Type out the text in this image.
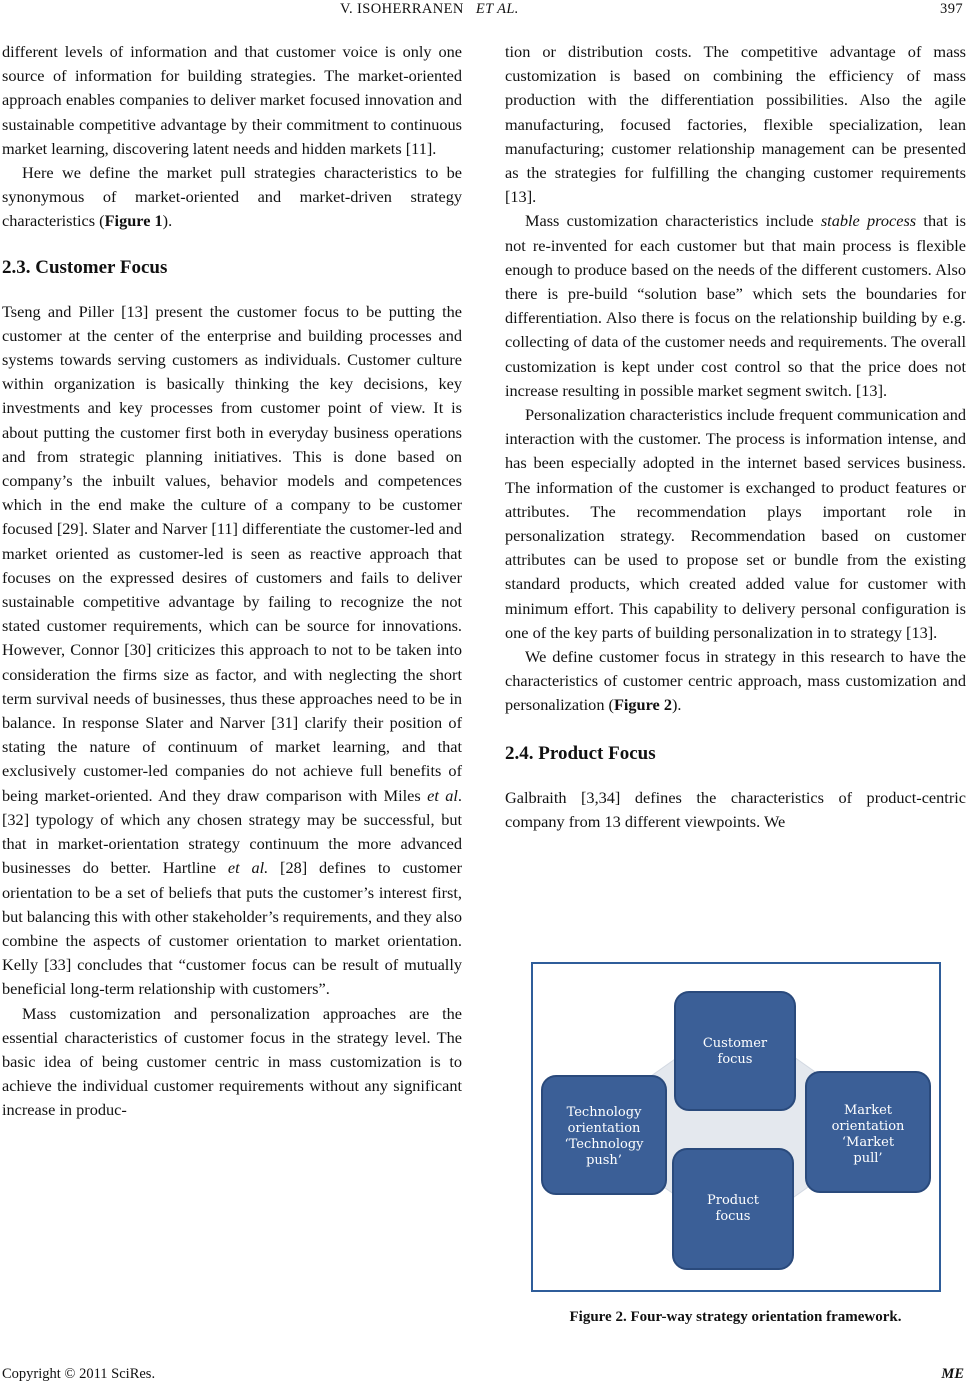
V. ISOHERRANEN ET AL.	397

different levels of information and that customer voice is only one source of information for building strategies. The market-oriented approach enables companies to deliver market focused innovation and sustainable competitive advantage by their commitment to continuous market learning, discovering latent needs and hidden markets [11].

Here we define the market pull strategies characteristics to be synonymous of market-oriented and market-driven strategy characteristics (Figure 1).

2.3. Customer Focus

Tseng and Piller [13] present the customer focus to be putting the customer at the center of the enterprise and building processes and systems towards serving customers as individuals. Customer culture within organization is basically thinking the key decisions, key investments and key processes from customer point of view. It is about putting the customer first both in everyday business operations and from strategic planning initiatives. This is done based on company’s the inbuilt values, behavior models and competences which in the end make the culture of a company to be customer focused [29]. Slater and Narver [11] differentiate the customer-led and market oriented as customer-led is seen as reactive approach that focuses on the expressed desires of customers and fails to deliver sustainable competitive advantage by failing to recognize the not stated customer requirements, which can be source for innovations. However, Connor [30] criticizes this approach to not to be taken into consideration the firms size as factor, and with neglecting the short term survival needs of businesses, thus these approaches need to be in balance. In response Slater and Narver [31] clarify their position of stating the nature of continuum of market learning, and that exclusively customer-led companies do not achieve full benefits of being market-oriented. And they draw comparison with Miles et al. [32] typology of which any chosen strategy may be successful, but that in market-orientation strategy continuum the more advanced businesses do better. Hartline et al. [28] defines to customer orientation to be a set of beliefs that puts the customer’s interest first, but balancing this with other stakeholder’s requirements, and they also combine the aspects of customer orientation to market orientation. Kelly [33] concludes that “customer focus can be result of mutually beneficial long-term relationship with customers”.

Mass customization and personalization approaches are the essential characteristics of customer focus in the strategy level. The basic idea of being customer centric in mass customization is to achieve the individual customer requirements without any significant increase in produc-

tion or distribution costs. The competitive advantage of mass customization is based on combining the efficiency of mass production with the differentiation possibilities. Also the agile manufacturing, focused factories, flexible specialization, lean manufacturing; customer relationship management can be presented as the strategies for fulfilling the changing customer requirements [13].

Mass customization characteristics include stable process that is not re-invented for each customer but that main process is flexible enough to produce based on the needs of the different customers. Also there is pre-build “solution base” which sets the boundaries for differentiation. Also there is focus on the relationship building by e.g. collecting of data of the customer needs and requirements. The overall customization is kept under cost control so that the price does not increase resulting in possible market segment switch. [13].

Personalization characteristics include frequent communication and interaction with the customer. The process is information intense, and has been especially adopted in the internet based services business. The information of the customer is exchanged to product features or attributes. The recommendation plays important role in personalization strategy. Recommendation based on customer attributes can be used to propose set or bundle from the existing standard products, which created added value for customer with minimum effort. This capability to delivery personal configuration is one of the key parts of building personalization in to strategy [13].

We define customer focus in strategy in this research to have the characteristics of customer centric approach, mass customization and personalization (Figure 2).

2.4. Product Focus

Galbraith [3,34] defines the characteristics of product-centric company from 13 different viewpoints. We

Customer
focus
Technology
orientation
‘Technology
push’
Market
orientation
‘Market
pull’
Product
focus
Figure 2. Four-way strategy orientation framework.
Copyright © 2011 SciRes.	ME
